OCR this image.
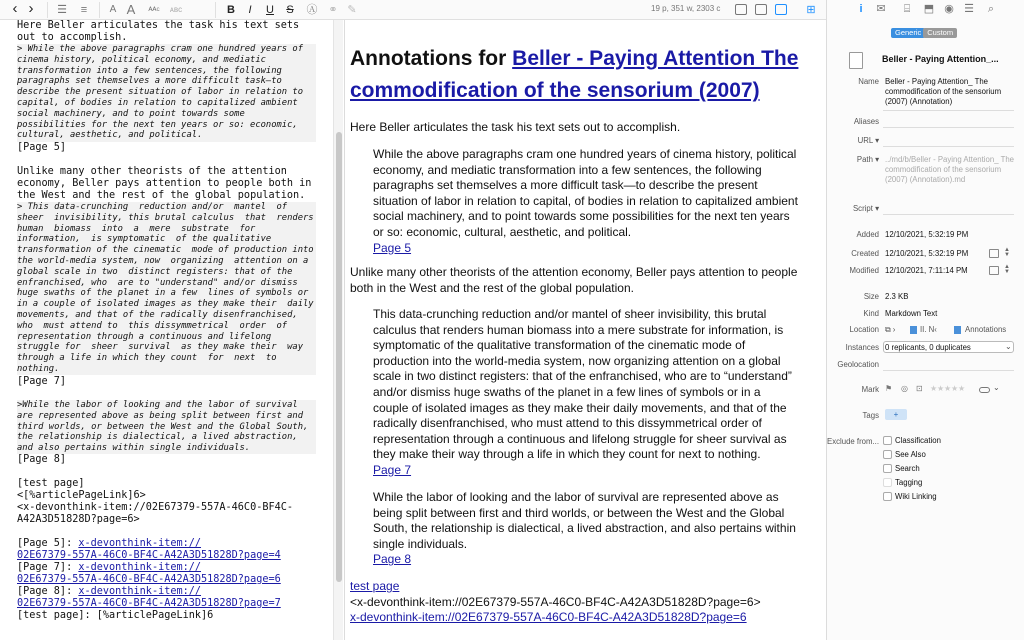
‹ › ☰ ≡ A A ᴬᴬᶜ ᴀʙᴄ	B	I	U S Ⓐ ⚭ ✎	19 p, 351 w, 2303 c	⊞
Here Beller articulates the task his text sets
out to accomplish.
> While the above paragraphs cram one hundred years of
cinema history, political economy, and mediatic
transformation into a few sentences, the following
paragraphs set themselves a more difficult task—to
describe the present situation of labor in relation to
capital, of bodies in relation to capitalized ambient
social machinery, and to point towards some
possibilities for the next ten years or so: economic,
cultural, aesthetic, and political.
[Page 5]
Unlike many other theorists of the attention
economy, Beller pays attention to people both in
the West and the rest of the global population.
> This data-crunching  reduction and/or  mantel  of
sheer  invisibility, this brutal calculus  that  renders
human  biomass  into  a  mere  substrate  for
information,  is symptomatic  of the qualitative
transformation of the cinematic  mode of production into
the world-media system, now  organizing  attention on a
global scale in two  distinct registers: that of the
enfranchised, who  are to "understand" and/or dismiss
huge swaths of the planet in a few  lines of symbols or
in a couple of isolated images as they make their  daily
movements, and that of the radically disenfranchised,
who  must attend to  this dissymmetrical  order  of
representation through a continuous and lifelong
struggle for  sheer  survival  as they make their  way
through a life in which they count  for  next  to
nothing.
[Page 7]
>While the labor of looking and the labor of survival
are represented above as being split between first and
third worlds, or between the West and the Global South,
the relationship is dialectical, a lived abstraction,
and also pertains within single individuals.
[Page 8]
[test page]
<[%articlePageLink]6>
<x-devonthink-item://02E67379-557A-46C0-BF4C-
A42A3D51828D?page=6>
[Page 5]: x-devonthink-item://
02E67379-557A-46C0-BF4C-A42A3D51828D?page=4
[Page 7]: x-devonthink-item://
02E67379-557A-46C0-BF4C-A42A3D51828D?page=6
[Page 8]: x-devonthink-item://
02E67379-557A-46C0-BF4C-A42A3D51828D?page=7
[test page]: [%articlePageLink]6
Annotations for Beller - Paying Attention The commodification of the sensorium (2007)
Here Beller articulates the task his text sets out to accomplish.
While the above paragraphs cram one hundred years of cinema history, political economy, and mediatic transformation into a few sentences, the following paragraphs set themselves a more difficult task—to describe the present situation of labor in relation to capital, of bodies in relation to capitalized ambient social machinery, and to point towards some possibilities for the next ten years or so: economic, cultural, aesthetic, and political.
Page 5
Unlike many other theorists of the attention economy, Beller pays attention to people both in the West and the rest of the global population.
This data-crunching reduction and/or mantel of sheer invisibility, this brutal calculus that renders human biomass into a mere substrate for information, is symptomatic of the qualitative transformation of the cinematic mode of production into the world-media system, now organizing attention on a global scale in two distinct registers: that of the enfranchised, who are to “understand” and/or dismiss huge swaths of the planet in a few lines of symbols or in a couple of isolated images as they make their daily movements, and that of the radically disenfranchised, who must attend to this dissymmetrical order of representation through a continuous and lifelong struggle for sheer survival as they make their way through a life in which they count for next to nothing.
Page 7
While the labor of looking and the labor of survival are represented above as being split between first and third worlds, or between the West and the Global South, the relationship is dialectical, a lived abstraction, and also pertains within single individuals.
Page 8
test page
<x-devonthink-item://02E67379-557A-46C0-BF4C-A42A3D51828D?page=6>
x-devonthink-item://02E67379-557A-46C0-BF4C-A42A3D51828D?page=6
i	✉ ⌸ ⬒ ◉ ☰ ⌕
Generic Custom
Beller - Paying Attention_...
Name Beller - Paying Attention_ The commodification of the sensorium (2007) (Annotation)
Aliases
URL ▾
Path ▾ ../md/b/Beller - Paying Attention_ The commodification of the sensorium (2007) (Annotation).md
Script ▾
Added 12/10/2021, 5:32:19 PM
Created 12/10/2021, 5:32:19 PM	▲
▼
Modified 12/10/2021, 7:11:14 PM	▲
▼
Size 2.3 KB
Kind Markdown Text
Location ⧉ ›	II. N‹	Annotations
Instances 0 replicants, 0 duplicates	⌄
Geolocation
Mark ⚑ ◎ ⊡ ★★★★★	⌄
Tags	+
Exclude from... Classification
See Also
Search
Tagging
Wiki Linking
